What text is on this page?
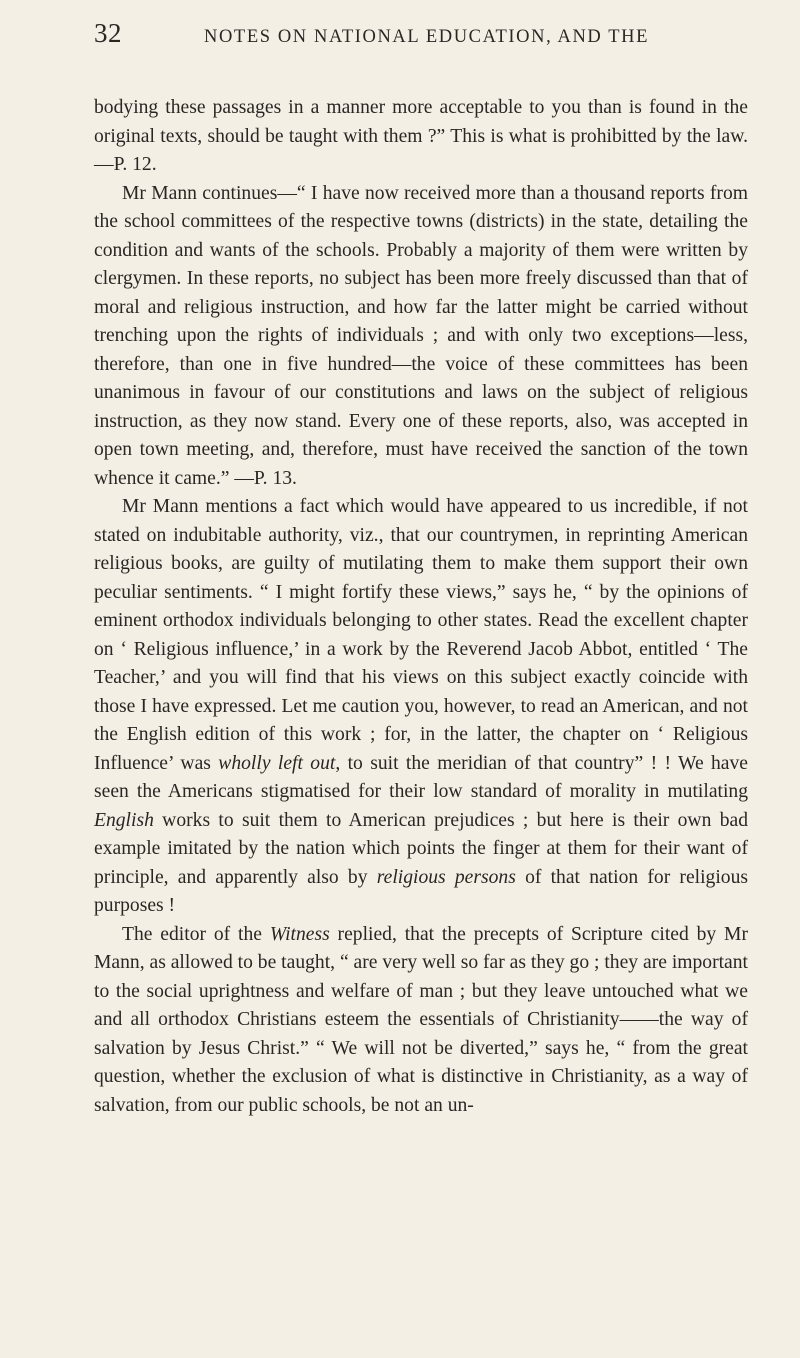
32	NOTES ON NATIONAL EDUCATION, AND THE

bodying these passages in a manner more acceptable to you than is found in the original texts, should be taught with them ?” This is what is prohibitted by the law.—P. 12.

Mr Mann continues—“ I have now received more than a thousand reports from the school committees of the respective towns (districts) in the state, detailing the condition and wants of the schools. Probably a majority of them were written by clergymen. In these reports, no subject has been more freely discussed than that of moral and religious instruction, and how far the latter might be carried without trenching upon the rights of individuals ; and with only two exceptions—less, therefore, than one in five hundred—the voice of these committees has been unanimous in favour of our constitutions and laws on the subject of religious instruction, as they now stand. Every one of these reports, also, was accepted in open town meeting, and, therefore, must have received the sanction of the town whence it came.” —P. 13.

Mr Mann mentions a fact which would have appeared to us incredible, if not stated on indubitable authority, viz., that our countrymen, in reprinting American religious books, are guilty of mutilating them to make them support their own peculiar sentiments. “ I might fortify these views,” says he, “ by the opinions of eminent orthodox individuals belonging to other states. Read the excellent chapter on ‘ Religious influence,’ in a work by the Reverend Jacob Abbot, entitled ‘ The Teacher,’ and you will find that his views on this subject exactly coincide with those I have expressed. Let me caution you, however, to read an American, and not the English edition of this work ; for, in the latter, the chapter on ‘ Religious Influence’ was wholly left out, to suit the meridian of that country” ! ! We have seen the Americans stigmatised for their low standard of morality in mutilating English works to suit them to American prejudices ; but here is their own bad example imitated by the nation which points the finger at them for their want of principle, and apparently also by religious persons of that nation for religious purposes !

The editor of the Witness replied, that the precepts of Scripture cited by Mr Mann, as allowed to be taught, “ are very well so far as they go ; they are important to the social uprightness and welfare of man ; but they leave untouched what we and all orthodox Christians esteem the essentials of Christianity——the way of salvation by Jesus Christ.” “ We will not be diverted,” says he, “ from the great question, whether the exclusion of what is distinctive in Christianity, as a way of salvation, from our public schools, be not an un-
